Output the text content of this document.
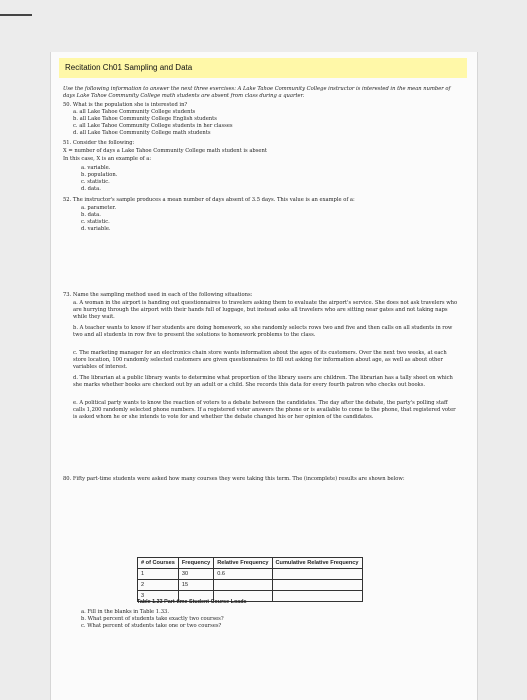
Recitation Ch01 Sampling and Data
Use the following information to answer the next three exercises: A Lake Tahoe Community College instructor is interested in the mean number of days Lake Tahoe Community College math students are absent from class during a quarter.
50. What is the population she is interested in?
a. all Lake Tahoe Community College students
b. all Lake Tahoe Community College English students
c. all Lake Tahoe Community College students in her classes
d. all Lake Tahoe Community College math students
51. Consider the following:
X = number of days a Lake Tahoe Community College math student is absent
In this case, X is an example of a:
a. variable.
b. population.
c. statistic.
d. data.
52. The instructor's sample produces a mean number of days absent of 3.5 days. This value is an example of a:
a. parameter.
b. data.
c. statistic.
d. variable.
73. Name the sampling method used in each of the following situations:
a. A woman in the airport is handing out questionnaires to travelers asking them to evaluate the airport's service. She does not ask travelers who are hurrying through the airport with their hands full of luggage, but instead asks all travelers who are sitting near gates and not taking naps while they wait.
b. A teacher wants to know if her students are doing homework, so she randomly selects rows two and five and then calls on all students in row two and all students in row five to present the solutions to homework problems to the class.
c. The marketing manager for an electronics chain store wants information about the ages of its customers. Over the next two weeks, at each store location, 100 randomly selected customers are given questionnaires to fill out asking for information about age, as well as about other variables of interest.
d. The librarian at a public library wants to determine what proportion of the library users are children. The librarian has a tally sheet on which she marks whether books are checked out by an adult or a child. She records this data for every fourth patron who checks out books.
e. A political party wants to know the reaction of voters to a debate between the candidates. The day after the debate, the party's polling staff calls 1,200 randomly selected phone numbers. If a registered voter answers the phone or is available to come to the phone, that registered voter is asked whom he or she intends to vote for and whether the debate changed his or her opinion of the candidates.
80. Fifty part-time students were asked how many courses they were taking this term. The (incomplete) results are shown below:
# of Courses	Frequency	Relative Frequency	Cumulative Relative Frequency
1	30	0.6	
2	15		
3			
Table 1.33 Part-time Student Course Loads
a. Fill in the blanks in Table 1.33.
b. What percent of students take exactly two courses?
c. What percent of students take one or two courses?
